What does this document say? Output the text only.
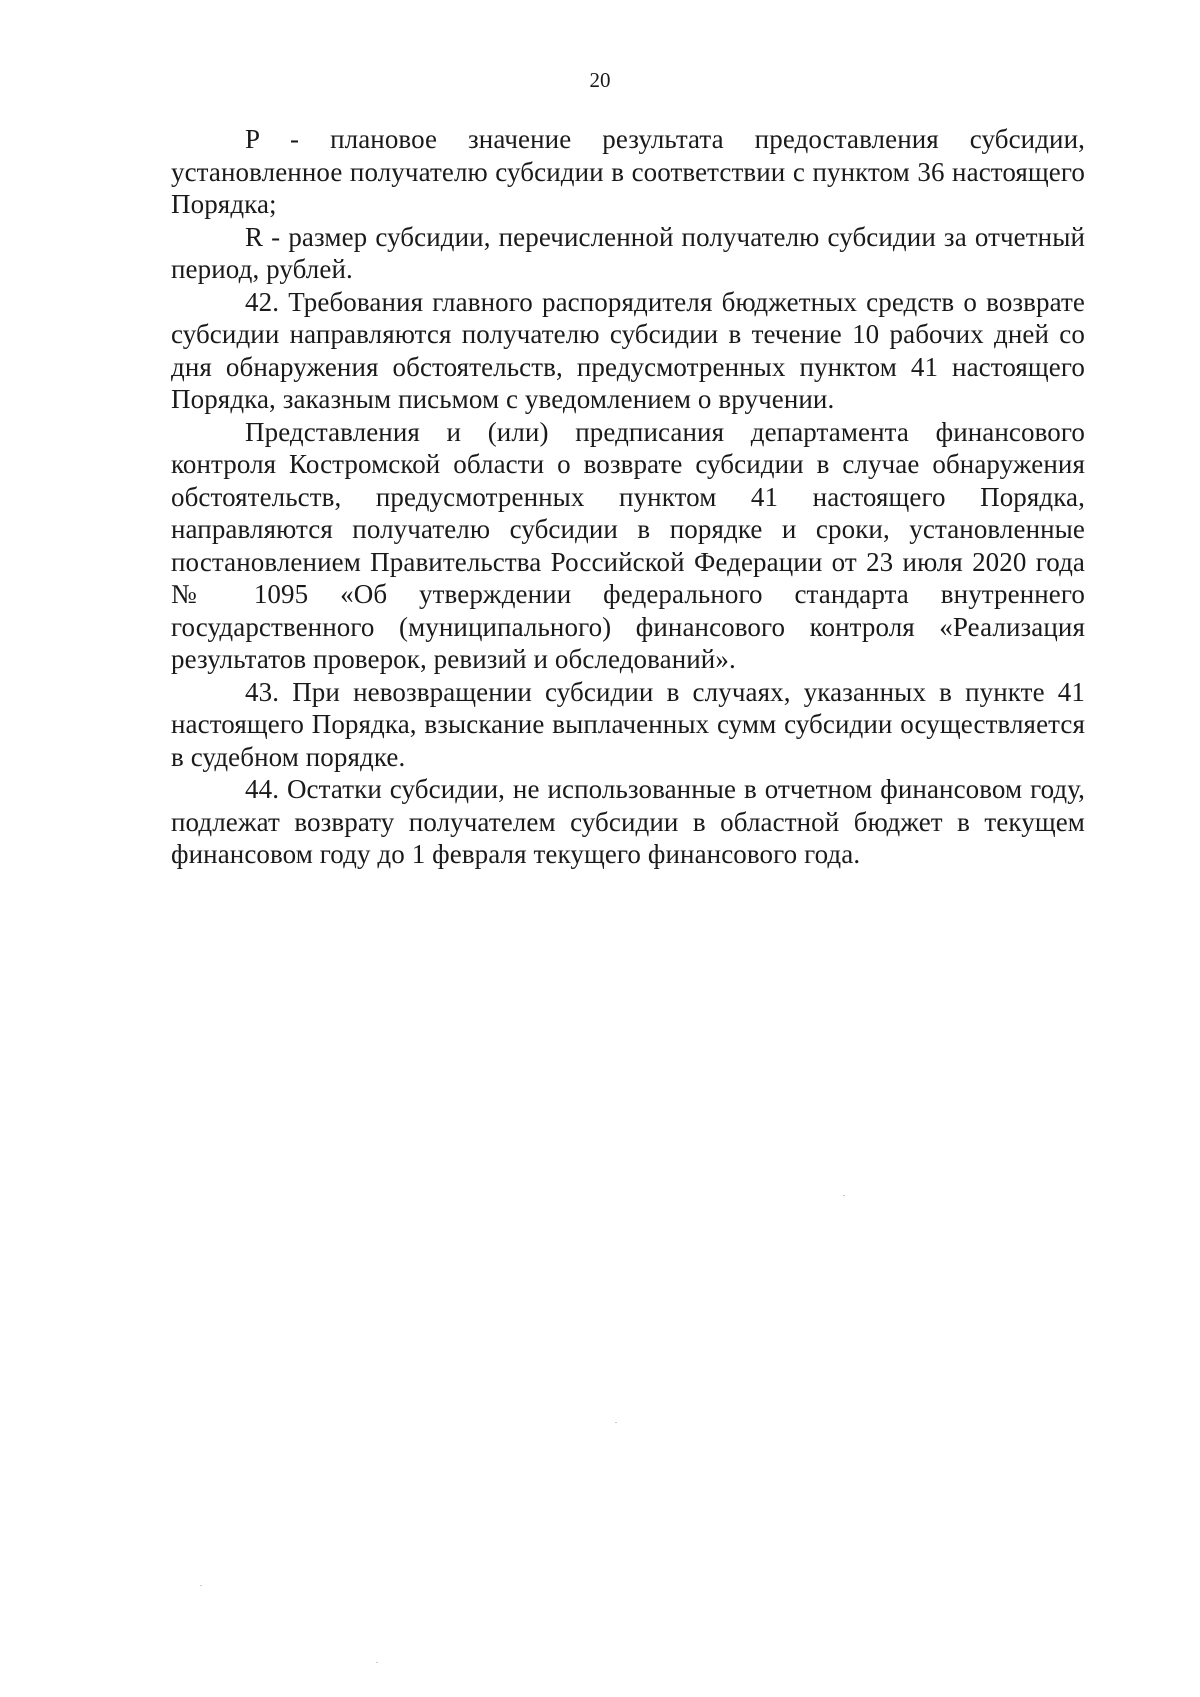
20

P - плановое значение результата предоставления субсидии, установленное получателю субсидии в соответствии с пунктом 36 настоящего Порядка;

R - размер субсидии, перечисленной получателю субсидии за отчетный период, рублей.

42. Требования главного распорядителя бюджетных средств о возврате субсидии направляются получателю субсидии в течение 10 рабочих дней со дня обнаружения обстоятельств, предусмотренных пунктом 41 настоящего Порядка, заказным письмом с уведомлением о вручении.

Представления и (или) предписания департамента финансового контроля Костромской области о возврате субсидии в случае обнаружения обстоятельств, предусмотренных пунктом 41 настоящего Порядка, направляются получателю субсидии в порядке и сроки, установленные постановлением Правительства Российской Федерации от 23 июля 2020 года № 1095 «Об утверждении федерального стандарта внутреннего государственного (муниципального) финансового контроля «Реализация результатов проверок, ревизий и обследований».

43. При невозвращении субсидии в случаях, указанных в пункте 41 настоящего Порядка, взыскание выплаченных сумм субсидии осуществляется в судебном порядке.

44. Остатки субсидии, не использованные в отчетном финансовом году, подлежат возврату получателем субсидии в областной бюджет в текущем финансовом году до 1 февраля текущего финансового года.
